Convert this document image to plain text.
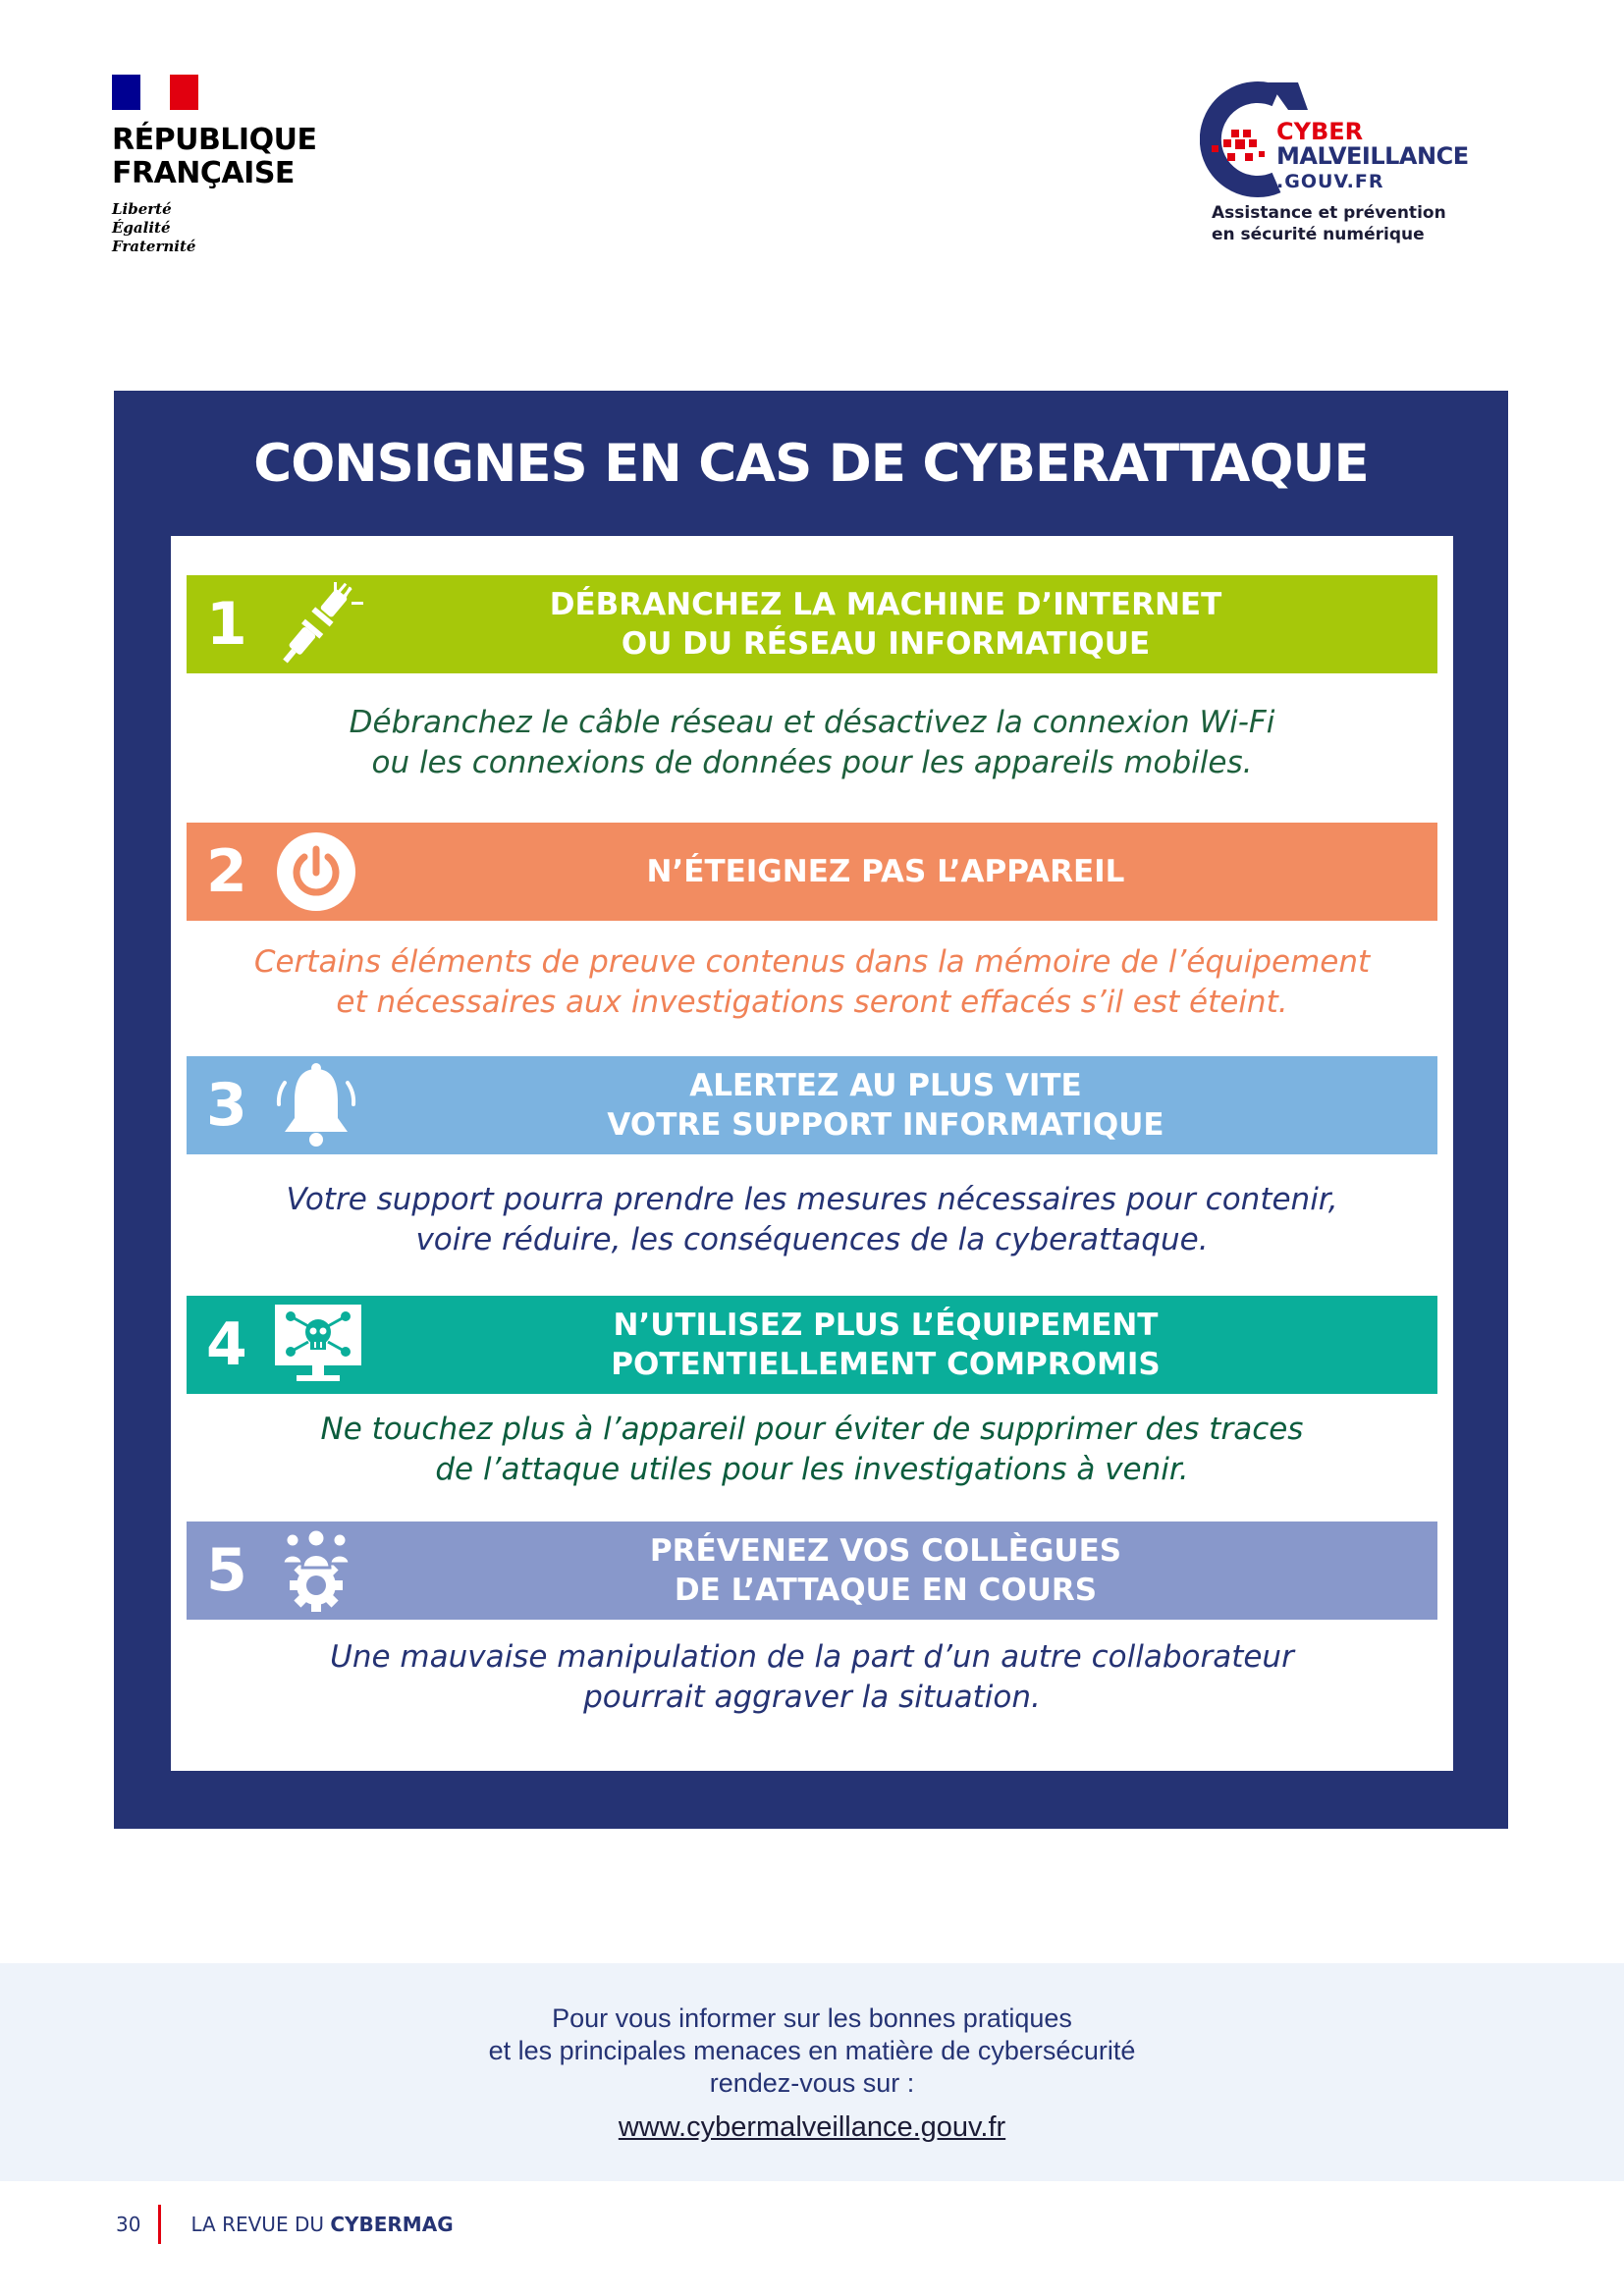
RÉPUBLIQUE
FRANÇAISE
Liberté
Égalité
Fraternité
CYBER
MALVEILLANCE
.GOUV.FR
Assistance et prévention
en sécurité numérique
CONSIGNES EN CAS DE CYBERATTAQUE
1	DÉBRANCHEZ LA MACHINE D’INTERNET
OU DU RÉSEAU INFORMATIQUE
Débranchez le câble réseau et désactivez la connexion Wi-Fi
ou les connexions de données pour les appareils mobiles.
2	N’ÉTEIGNEZ PAS L’APPAREIL
Certains éléments de preuve contenus dans la mémoire de l’équipement
et nécessaires aux investigations seront effacés s’il est éteint.
3	ALERTEZ AU PLUS VITE
VOTRE SUPPORT INFORMATIQUE
Votre support pourra prendre les mesures nécessaires pour contenir,
voire réduire, les conséquences de la cyberattaque.
4	N’UTILISEZ PLUS L’ÉQUIPEMENT
POTENTIELLEMENT COMPROMIS
Ne touchez plus à l’appareil pour éviter de supprimer des traces
de l’attaque utiles pour les investigations à venir.
5	PRÉVENEZ VOS COLLÈGUES
DE L’ATTAQUE EN COURS
Une mauvaise manipulation de la part d’un autre collaborateur
pourrait aggraver la situation.
Pour vous informer sur les bonnes pratiques
et les principales menaces en matière de cybersécurité
rendez-vous sur :
www.cybermalveillance.gouv.fr
30	LA REVUE DU CYBERMAG
